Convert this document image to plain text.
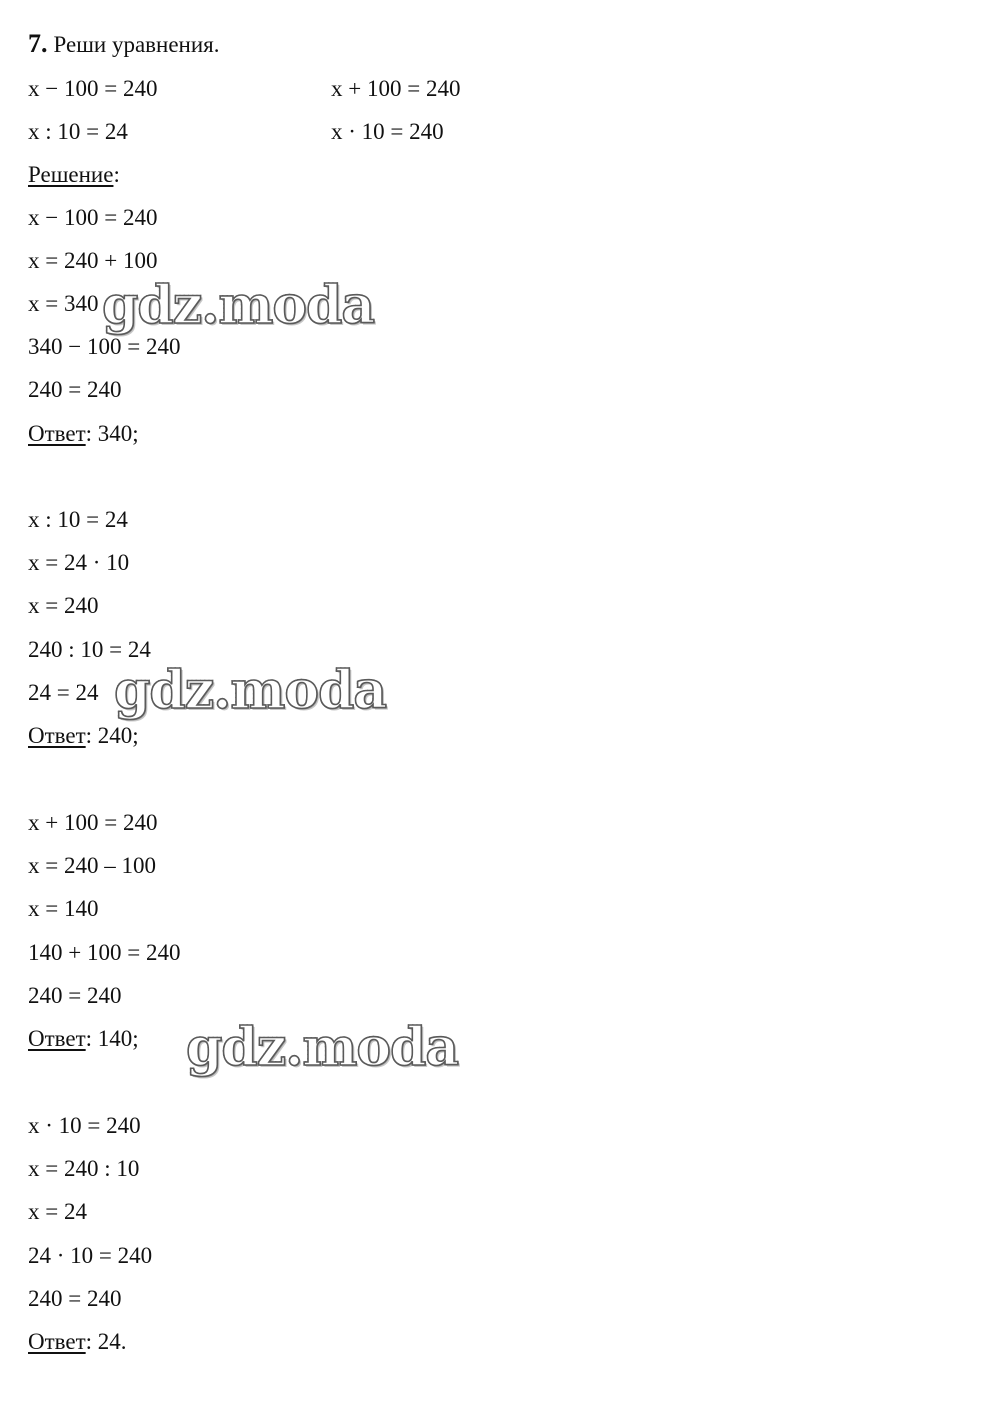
7. Реши уравнения.
x − 100 = 240	x + 100 = 240
x : 10 = 24	x · 10 = 240
Решение:
x − 100 = 240
x = 240 + 100
x = 340
340 − 100 = 240
240 = 240
Ответ: 340;
x : 10 = 24
x = 24 · 10
x = 240
240 : 10 = 24
24 = 24
Ответ: 240;
x + 100 = 240
x = 240 – 100
x = 140
140 + 100 = 240
240 = 240
Ответ: 140;
x · 10 = 240
x = 240 : 10
x = 24
24 · 10 = 240
240 = 240
Ответ: 24.
gdz.moda
gdz.moda
gdz.moda
